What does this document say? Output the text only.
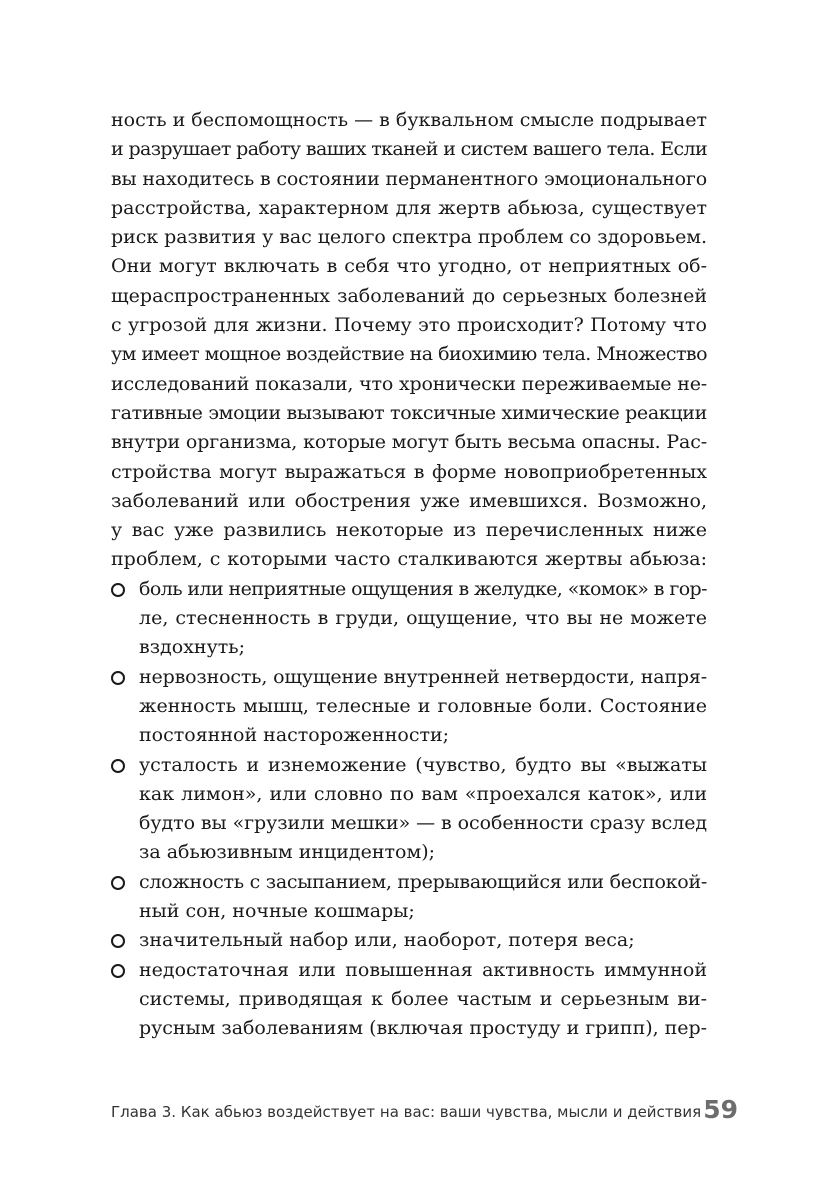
ность и беспомощность — в буквальном смысле подрывает
и разрушает работу ваших тканей и систем вашего тела. Если
вы находитесь в состоянии перманентного эмоционального
расстройства, характерном для жертв абьюза, существует
риск развития у вас целого спектра проблем со здоровьем.
Они могут включать в себя что угодно, от неприятных об-
щераспространенных заболеваний до серьезных болезней
с угрозой для жизни. Почему это происходит? Потому что
ум имеет мощное воздействие на биохимию тела. Множество
исследований показали, что хронически переживаемые не-
гативные эмоции вызывают токсичные химические реакции
внутри организма, которые могут быть весьма опасны. Рас-
стройства могут выражаться в форме новоприобретенных
заболеваний или обострения уже имевшихся. Возможно,
у вас уже развились некоторые из перечисленных ниже
проблем, с которыми часто сталкиваются жертвы абьюза:
боль или неприятные ощущения в желудке, «комок» в гор-
ле, стесненность в груди, ощущение, что вы не можете
вздохнуть;
нервозность, ощущение внутренней нетвердости, напря-
женность мышц, телесные и головные боли. Состояние
постоянной настороженности;
усталость и изнеможение (чувство, будто вы «выжаты
как лимон», или словно по вам «проехался каток», или
будто вы «грузили мешки» — в особенности сразу вслед
за абьюзивным инцидентом);
сложность с засыпанием, прерывающийся или беспокой-
ный сон, ночные кошмары;
значительный набор или, наоборот, потеря веса;
недостаточная или повышенная активность иммунной
системы, приводящая к более частым и серьезным ви-
русным заболеваниям (включая простуду и грипп), пер-
Глава 3. Как абьюз воздействует на вас: ваши чувства, мысли и действия 59
